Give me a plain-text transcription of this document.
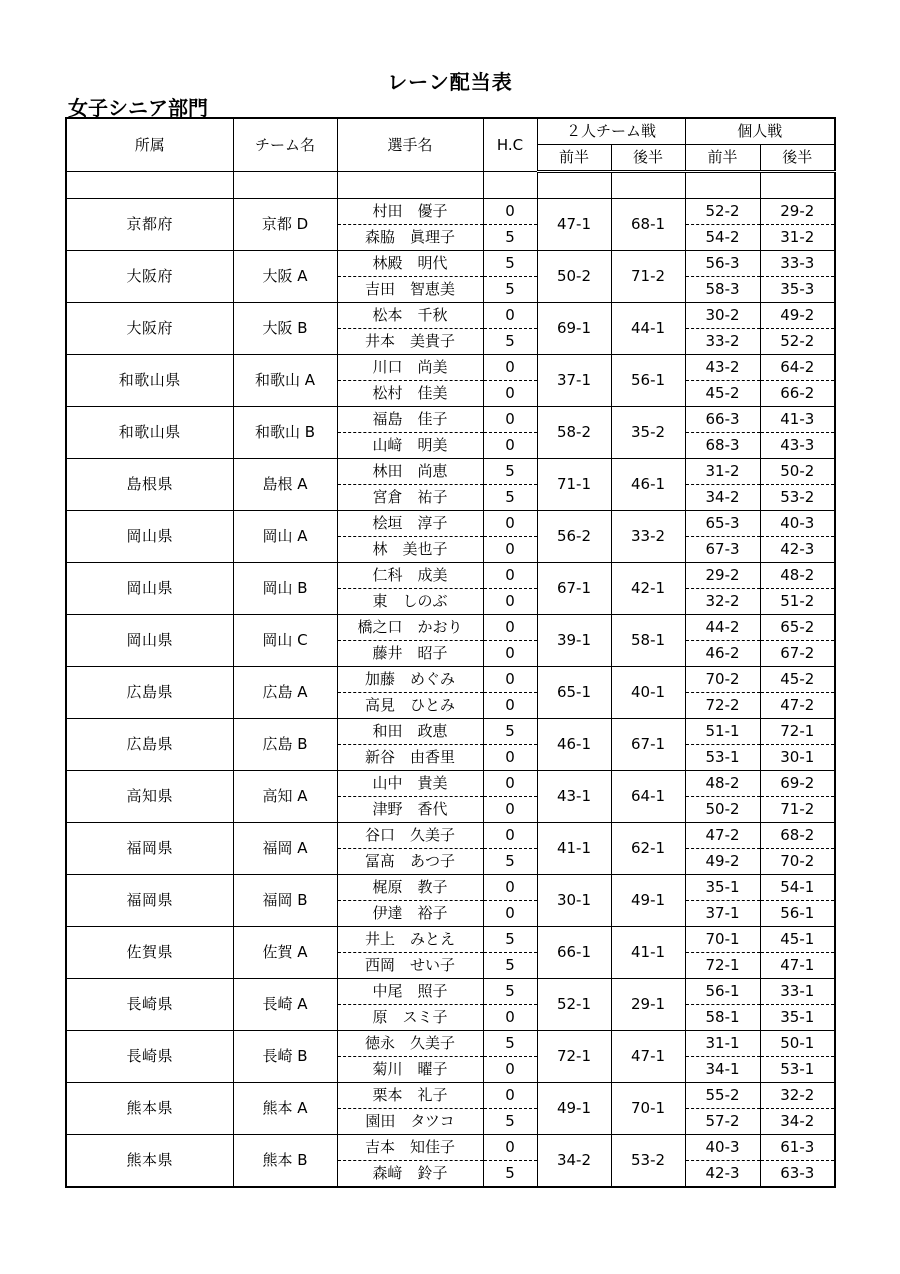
レーン配当表
女子シニア部門
所属	チーム名	選手名	H.C	２人チーム戦		個人戦	
				前半	後半	前半	後半

京都府	京都 D	村田　優子	0	47-1	68-1	52-2	29-2
		森脇　眞理子	5			54-2	31-2
大阪府	大阪 A	林殿　明代	5	50-2	71-2	56-3	33-3
		吉田　智恵美	5			58-3	35-3
大阪府	大阪 B	松本　千秋	0	69-1	44-1	30-2	49-2
		井本　美貴子	5			33-2	52-2
和歌山県	和歌山 A	川口　尚美	0	37-1	56-1	43-2	64-2
		松村　佳美	0			45-2	66-2
和歌山県	和歌山 B	福島　佳子	0	58-2	35-2	66-3	41-3
		山﨑　明美	0			68-3	43-3
島根県	島根 A	林田　尚恵	5	71-1	46-1	31-2	50-2
		宮倉　祐子	5			34-2	53-2
岡山県	岡山 A	桧垣　淳子	0	56-2	33-2	65-3	40-3
		林　美也子	0			67-3	42-3
岡山県	岡山 B	仁科　成美	0	67-1	42-1	29-2	48-2
		東　しのぶ	0			32-2	51-2
岡山県	岡山 C	橋之口　かおり	0	39-1	58-1	44-2	65-2
		藤井　昭子	0			46-2	67-2
広島県	広島 A	加藤　めぐみ	0	65-1	40-1	70-2	45-2
		高見　ひとみ	0			72-2	47-2
広島県	広島 B	和田　政恵	5	46-1	67-1	51-1	72-1
		新谷　由香里	0			53-1	30-1
高知県	高知 A	山中　貴美	0	43-1	64-1	48-2	69-2
		津野　香代	0			50-2	71-2
福岡県	福岡 A	谷口　久美子	0	41-1	62-1	47-2	68-2
		冨髙　あつ子	5			49-2	70-2
福岡県	福岡 B	梶原　教子	0	30-1	49-1	35-1	54-1
		伊達　裕子	0			37-1	56-1
佐賀県	佐賀 A	井上　みとえ	5	66-1	41-1	70-1	45-1
		西岡　せい子	5			72-1	47-1
長崎県	長崎 A	中尾　照子	5	52-1	29-1	56-1	33-1
		原　スミ子	0			58-1	35-1
長崎県	長崎 B	徳永　久美子	5	72-1	47-1	31-1	50-1
		菊川　曜子	0			34-1	53-1
熊本県	熊本 A	栗本　礼子	0	49-1	70-1	55-2	32-2
		園田　タツコ	5			57-2	34-2
熊本県	熊本 B	吉本　知佳子	0	34-2	53-2	40-3	61-3
		森﨑　鈴子	5			42-3	63-3
